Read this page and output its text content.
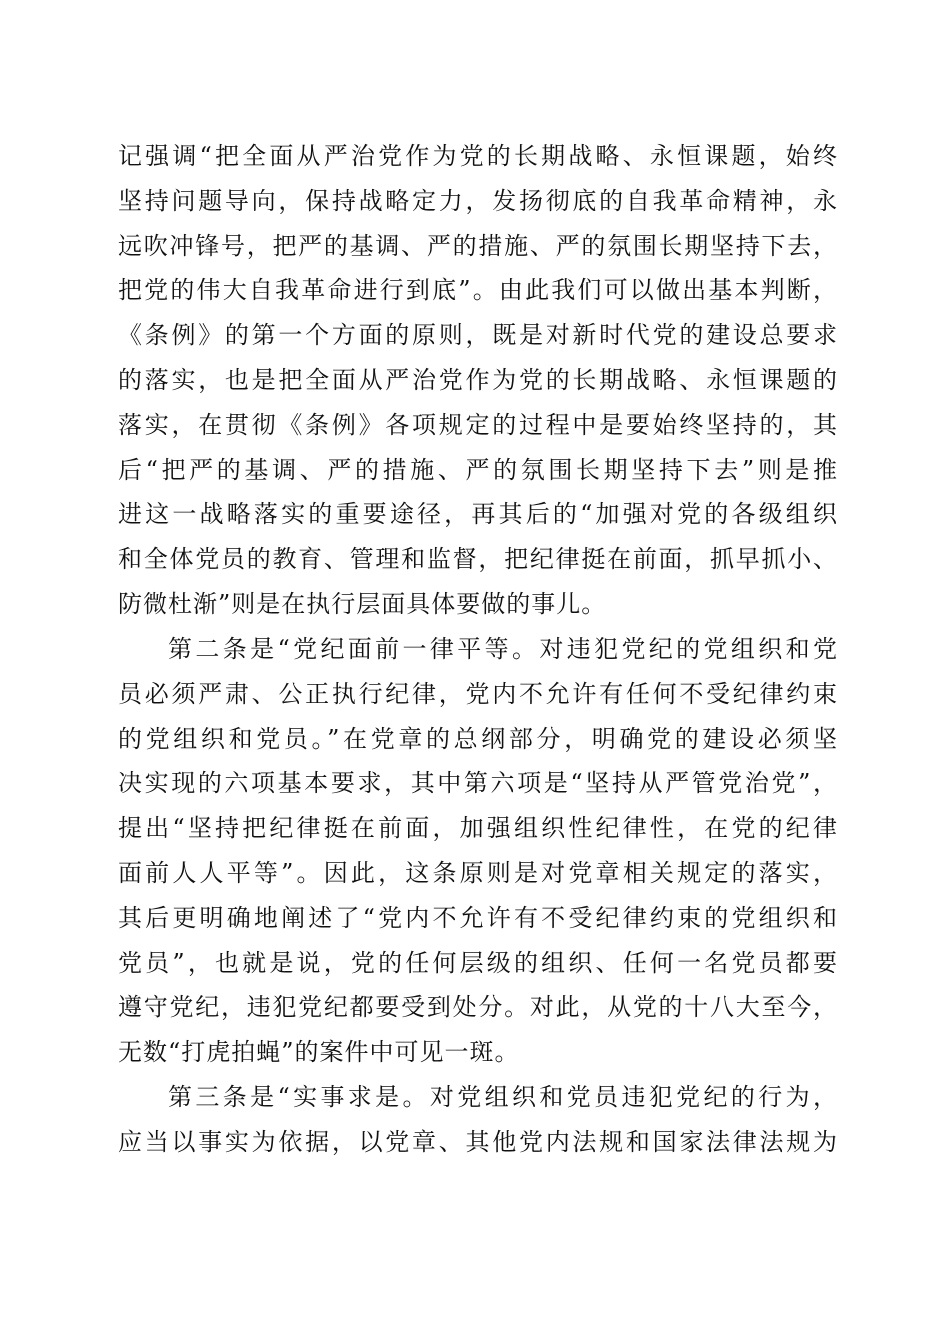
记强调“把全面从严治党作为党的长期战略、永恒课题，始终
坚持问题导向，保持战略定力，发扬彻底的自我革命精神，永
远吹冲锋号，把严的基调、严的措施、严的氛围长期坚持下去，
把党的伟大自我革命进行到底”。由此我们可以做出基本判断，
《条例》的第一个方面的原则，既是对新时代党的建设总要求
的落实，也是把全面从严治党作为党的长期战略、永恒课题的
落实，在贯彻《条例》各项规定的过程中是要始终坚持的，其
后“把严的基调、严的措施、严的氛围长期坚持下去”则是推
进这一战略落实的重要途径，再其后的“加强对党的各级组织
和全体党员的教育、管理和监督，把纪律挺在前面，抓早抓小、
防微杜渐”则是在执行层面具体要做的事儿。
第二条是“党纪面前一律平等。对违犯党纪的党组织和党
员必须严肃、公正执行纪律，党内不允许有任何不受纪律约束
的党组织和党员。”在党章的总纲部分，明确党的建设必须坚
决实现的六项基本要求，其中第六项是“坚持从严管党治党”，
提出“坚持把纪律挺在前面，加强组织性纪律性，在党的纪律
面前人人平等”。因此，这条原则是对党章相关规定的落实，
其后更明确地阐述了“党内不允许有不受纪律约束的党组织和
党员”，也就是说，党的任何层级的组织、任何一名党员都要
遵守党纪，违犯党纪都要受到处分。对此，从党的十八大至今，
无数“打虎拍蝇”的案件中可见一斑。
第三条是“实事求是。对党组织和党员违犯党纪的行为，
应当以事实为依据，以党章、其他党内法规和国家法律法规为
